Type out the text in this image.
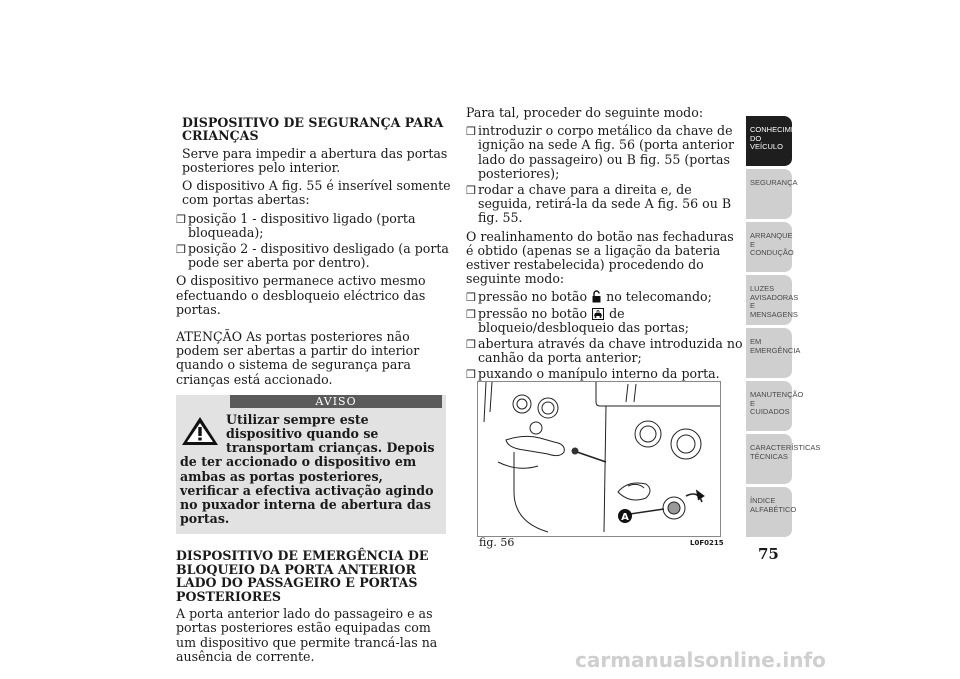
DISPOSITIVO DE SEGURANÇA PARA CRIANÇAS

Serve para impedir a abertura das portas posteriores pelo interior.

O dispositivo A fig. 55 é inserível somente com portas abertas:

❒ posição 1 - dispositivo ligado (porta bloqueada);
❒ posição 2 - dispositivo desligado (a porta pode ser aberta por dentro).

O dispositivo permanece activo mesmo efectuando o desbloqueio eléctrico das portas.

ATENÇÃO As portas posteriores não podem ser abertas a partir do interior quando o sistema de segurança para crianças está accionado.

AVISO
Utilizar sempre este dispositivo quando se transportam crianças. Depois de ter accionado o dispositivo em ambas as portas posteriores, verificar a efectiva activação agindo no puxador interna de abertura das portas.
DISPOSITIVO DE EMERGÊNCIA DE BLOQUEIO DA PORTA ANTERIOR LADO DO PASSAGEIRO E PORTAS POSTERIORES

A porta anterior lado do passageiro e as portas posteriores estão equipadas com um dispositivo que permite trancá-las na ausência de corrente.

Para tal, proceder do seguinte modo:

❒ introduzir o corpo metálico da chave de ignição na sede A fig. 56 (porta anterior lado do passageiro) ou B fig. 55 (portas posteriores);
❒ rodar a chave para a direita e, de seguida, retirá-la da sede A fig. 56 ou B fig. 55.

O realinhamento do botão nas fechaduras é obtido (apenas se a ligação da bateria estiver restabelecida) procedendo do seguinte modo:

❒ pressão no botão no telecomando;
❒ pressão no botão de bloqueio/desbloqueio das portas;
❒ abertura através da chave introduzida no canhão da porta anterior;
❒ puxando o manípulo interno da porta.
A
fig. 56	L0F0215
CONHECIMENTO DO VEÍCULO
SEGURANÇA
ARRANQUE E CONDUÇÃO
LUZES AVISADORAS E MENSAGENS
EM EMERGÊNCIA
MANUTENÇÃO E CUIDADOS
CARACTERÍSTICAS TÉCNICAS
ÍNDICE ALFABÉTICO
75
carmanualsonline.info
